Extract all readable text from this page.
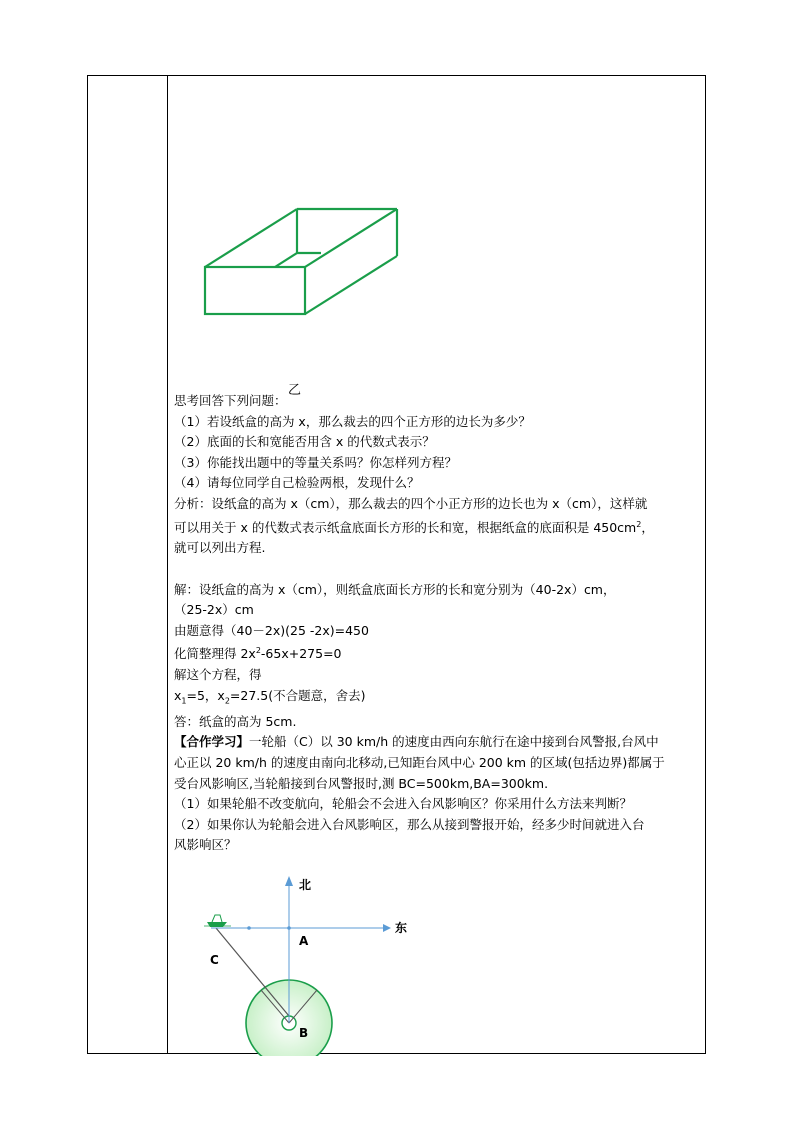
乙

思考回答下列问题：

（1）若设纸盒的高为 x，那么裁去的四个正方形的边长为多少？

（2）底面的长和宽能否用含 x 的代数式表示？

（3）你能找出题中的等量关系吗？你怎样列方程？

（4）请每位同学自己检验两根，发现什么？

分析：设纸盒的高为 x（cm），那么裁去的四个小正方形的边长也为 x（cm），这样就

可以用关于 x 的代数式表示纸盒底面长方形的长和宽，根据纸盒的底面积是 $450cm^2$，

就可以列出方程.

解：设纸盒的高为 x（cm），则纸盒底面长方形的长和宽分别为（40-2x）cm，

（25-2x）cm

由题意得（40－2x)(25 -2x)=450

化简整理得 $2x^2-65x+275=0$

解这个方程，得

$x_1=5$，$x_2=27.5$(不合题意，舍去)

答：纸盒的高为 5cm.

【合作学习】一轮船（C）以 30 km/h 的速度由西向东航行在途中接到台风警报,台风中

心正以 20 km/h 的速度由南向北移动,已知距台风中心 200 km 的区域(包括边界)都属于

受台风影响区,当轮船接到台风警报时,测 BC=500km,BA=300km.

（1）如果轮船不改变航向，轮船会不会进入台风影响区？你采用什么方法来判断？

（2）如果你认为轮船会进入台风影响区，那么从接到警报开始，经多少时间就进入台

风影响区？

北
东
A
C
B
